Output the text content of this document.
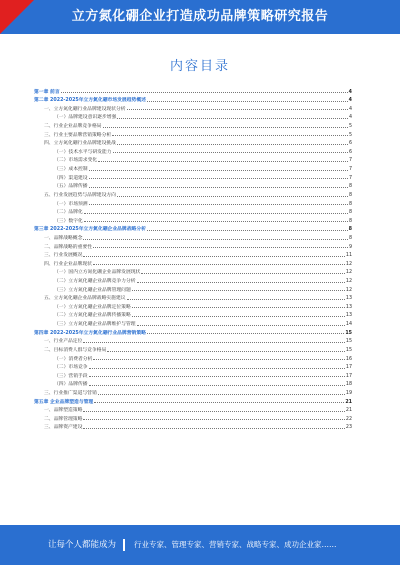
立方氮化硼企业打造成功品牌策略研究报告
内容目录
第一章 前言	4
第二章 2022-2025年立方氮化硼市场发展趋势概述	4
一、立方氮化硼行业品牌建设现状分析	4
（一）品牌建设意识逐步增强	4
二、行业企业品牌竞争格局	5
三、行业主要品牌营销策略分析	5
四、立方氮化硼行业品牌建设挑战	6
（一）技术水平与研发能力	6
（二）市场需求变化	7
（三）成本控制	7
（四）渠道建设	7
（五）品牌传播	8
五、行业发展趋势与品牌建设方向	8
（一）市场预测	8
（二）品牌化	8
（三）数字化	8
第三章 2022-2025年立方氮化硼企业品牌战略分析	8
一、品牌战略概念	8
二、品牌战略的重要性	9
三、行业发展概况	11
四、行业企业品牌现状	12
（一）国内立方氮化硼企业品牌发展现状	12
（二）立方氮化硼企业品牌竞争力分析	12
（三）立方氮化硼企业品牌管理问题	12
五、立方氮化硼企业品牌战略实施建议	13
（一）立方氮化硼企业品牌定位策略	13
（二）立方氮化硼企业品牌传播策略	13
（三）立方氮化硼企业品牌维护与管理	14
第四章 2022-2025年立方氮化硼行业品牌营销策略	15
一、行业产品定位	15
二、目标消费人群与竞争格局	15
（一）消费者分析	16
（二）市场竞争	17
（三）营销手段	17
（四）品牌传播	18
三、行业推广渠道与营销	19
第五章 企业品牌塑造与管理	21
一、品牌塑造策略	21
二、品牌管理策略	22
三、品牌资产建设	23
让每个人都能成为 行业专家、管理专家、营销专家、战略专家、成功企业家……
